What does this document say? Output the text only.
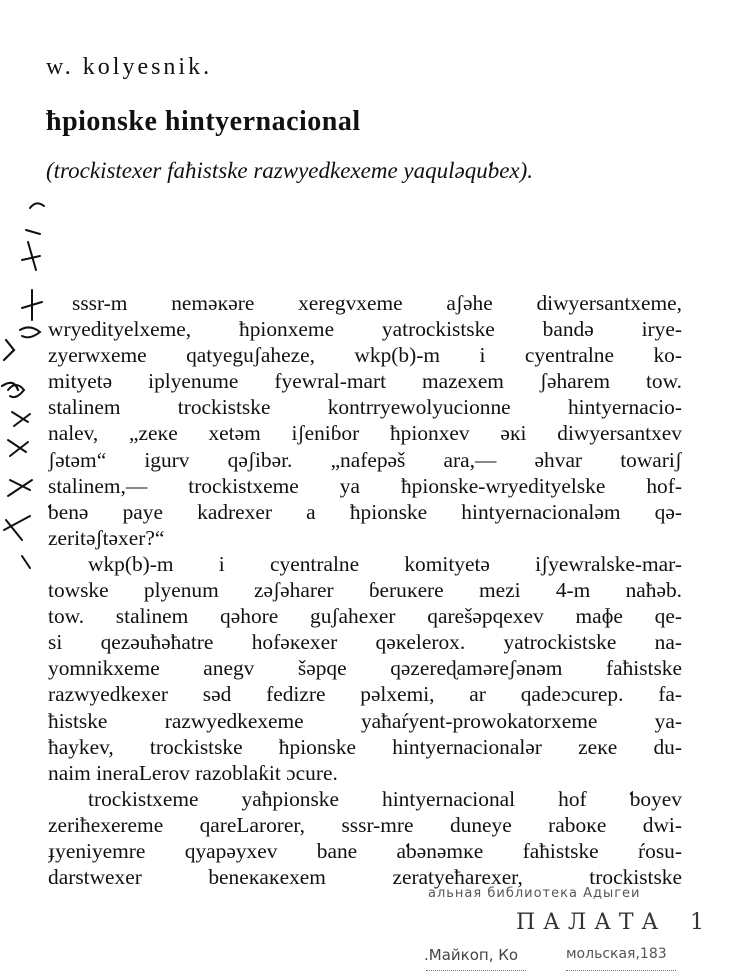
w. kolyesnik.
ħpionske hintyernacional
(trockistexer faħistske razwyedkexeme yaquləquƅex).
sssr-m neməĸəre xeregvxeme aʃəhe diwyersantxeme,
wryedityelxeme, ħpionxeme yatrockistske bandə irye-
zyerwxeme qatyeguʃaheze, wkp(b)-m i cyentralne ko-
mityetə iplyenume fyewral-mart mazexem ʃəharem tow.
stalinem trockistske kontrryewolyucionne hintyernacio-
nalev, „zeĸe xetəm iʃeniɓor ħpionxev əĸi diwyersantxev
ʃətəm“ igurv qəʃibər. „nafepəš ara,— əhvar towariʃ
stalinem,— trockistxeme ya ħpionske-wryedityelske hof-
ƅenə paye kadrexer a ħpionske hintyernacionaləm qə-
zeritəʃtəxer?“
wkp(b)-m i cyentralne komityetə iʃyewralske-mar-
towske plyenum zəʃəharer ɓeruĸere mezi 4-m naħəb.
tow. stalinem qəhore guʃahexer qarešəpqexev maɸe qe-
si qezəuħəħatre hofəĸexer qəĸelerox. yatrockistske na-
yomnikxeme anegv šəpqe qəzereɖaməreʃənəm faħistske
razwyedkexer səd fedizre pəlxemi, ar qadeɔcurep. fa-
ħistske razwyedkexeme yaħaŕyent-prowokatorxeme ya-
ħaykev, trockistske ħpionske hintyernacionalər zeĸe du-
naim ineraLerov razoblaƙit ɔcure.
trockistxeme yaħpionske hintyernacional hof ƅoyev
zeriħexereme qareLarorer, sssr-mre duneye raboĸe dwi-
ɟyeniyemre qyapəyxev bane aƅənəmĸe faħistske ŕosu-
darstwexer beneĸaĸexem zeratyeħarexer, trockistske
альная библиотека Адыгеи
ПАЛАТА 1
.Майкоп, Ко	мольская,183
